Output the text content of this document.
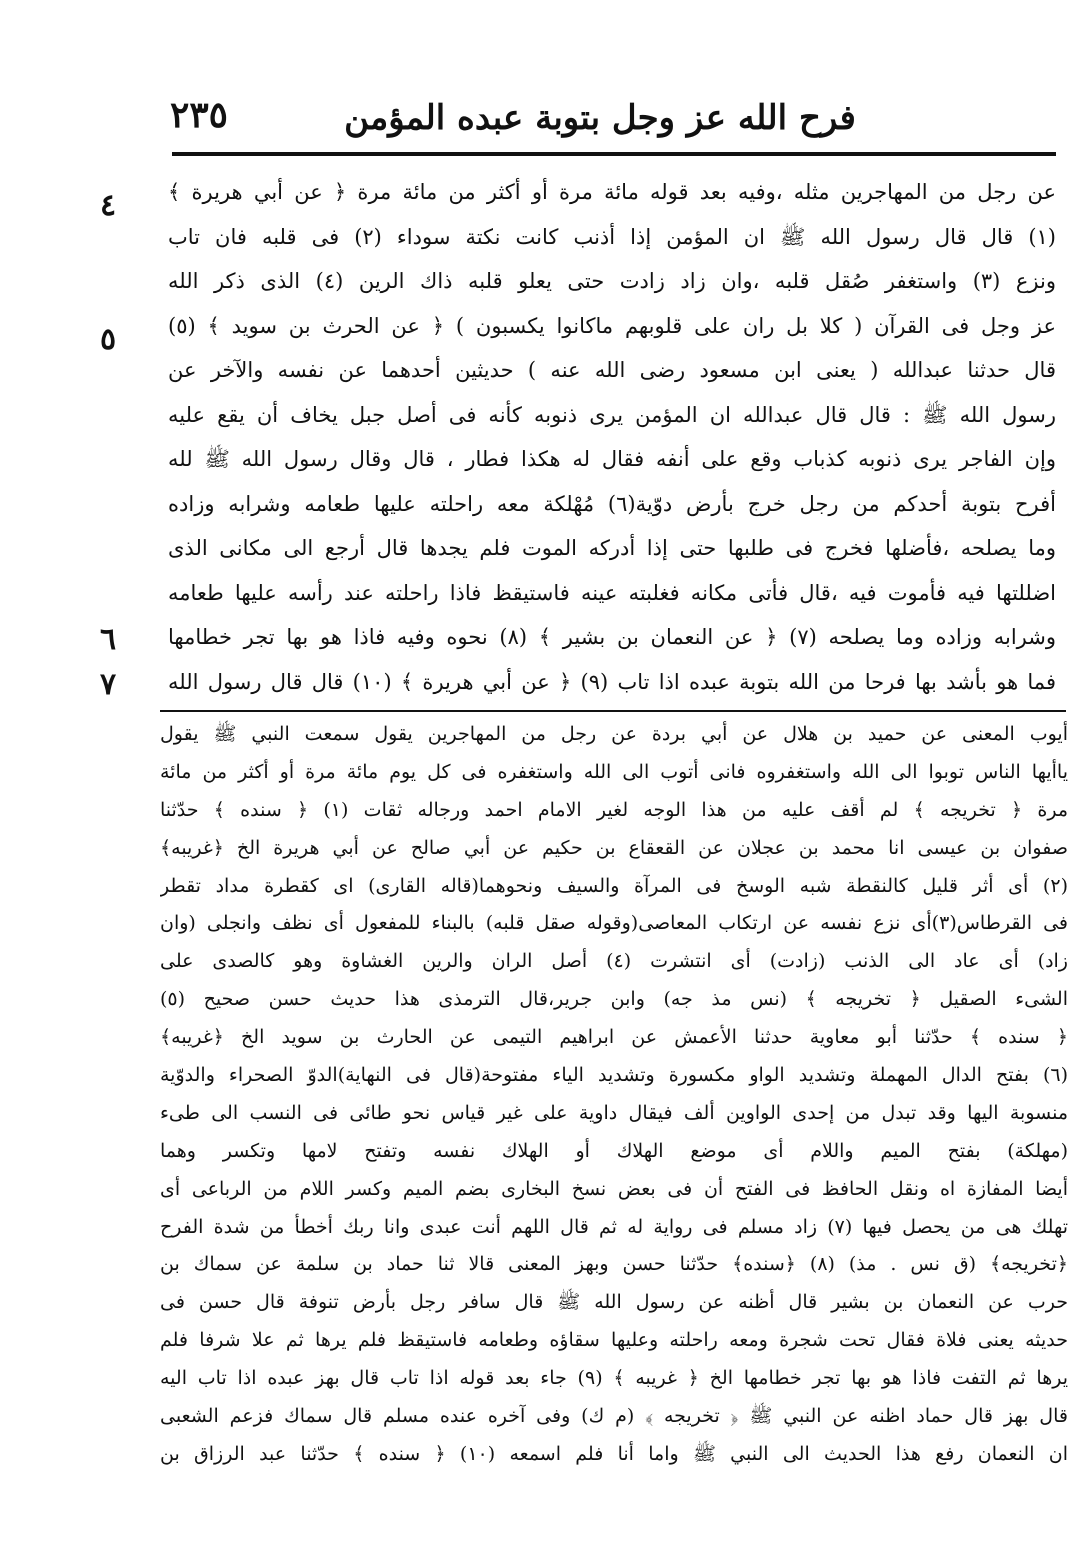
فرح الله عز وجل بتوبة عبده المؤمن
٢٣٥
٤
٥
٦
٧
عن رجل من المهاجرين مثله ،وفيه بعد قوله مائة مرة أو أكثر من مائة مرة ﴿ عن أبي هريرة ﴾
(١) قال قال رسول الله ﷺ ان المؤمن إذا أذنب كانت نكتة سوداء (٢) فى قلبه فان تاب
ونزع (٣) واستغفر صُقل قلبه ،وان زاد زادت حتى يعلو قلبه ذاك الرين (٤) الذى ذكر الله
عز وجل فى القرآن ( كلا بل ران على قلوبهم ماكانوا يكسبون ) ﴿ عن الحرث بن سويد ﴾ (٥)
قال حدثنا عبدالله ( يعنى ابن مسعود رضى الله عنه ) حديثين أحدهما عن نفسه والآخر عن
رسول الله ﷺ : قال قال عبدالله ان المؤمن يرى ذنوبه كأنه فى أصل جبل يخاف أن يقع عليه
وإن الفاجر يرى ذنوبه كذباب وقع على أنفه فقال له هكذا فطار ، قال وقال رسول الله ﷺ لله
أفرح بتوبة أحدكم من رجل خرج بأرض دوّية(٦) مُهْلكة معه راحلته عليها طعامه وشرابه وزاده
وما يصلحه ،فأضلها فخرج فى طلبها حتى إذا أدركه الموت فلم يجدها قال أرجع الى مكانى الذى
اضللتها فيه فأموت فيه ،قال فأتى مكانه فغلبته عينه فاستيقظ فاذا راحلته عند رأسه عليها طعامه
وشرابه وزاده وما يصلحه (٧) ﴿ عن النعمان بن بشير ﴾ (٨) نحوه وفيه فاذا هو بها تجر خطامها
فما هو بأشد بها فرحا من الله بتوبة عبده اذا تاب (٩) ﴿ عن أبي هريرة ﴾ (١٠) قال قال رسول الله
أيوب المعنى عن حميد بن هلال عن أبي بردة عن رجل من المهاجرين يقول سمعت النبي ﷺ يقول
ياأيها الناس توبوا الى الله واستغفروه فانى أتوب الى الله واستغفره فى كل يوم مائة مرة أو أكثر من مائة
مرة ﴿ تخريجه ﴾ لم أقف عليه من هذا الوجه لغير الامام احمد ورجاله ثقات (١) ﴿ سنده ﴾ حدّثنا
صفوان بن عيسى انا محمد بن عجلان عن القعقاع بن حكيم عن أبي صالح عن أبي هريرة الخ ﴿غريبه﴾
(٢) أى أثر قليل كالنقطة شبه الوسخ فى المرآة والسيف ونحوهما(قاله القارى) اى كقطرة مداد تقطر
فى القرطاس(٣)أى نزع نفسه عن ارتكاب المعاصى(وقوله صقل قلبه) بالبناء للمفعول أى نظف وانجلى (وان
زاد) أى عاد الى الذنب (زادت) أى انتشرت (٤) أصل الران والرين الغشاوة وهو كالصدى على
الشىء الصقيل ﴿ تخريجه ﴾ (نس مذ جه) وابن جرير،قال الترمذى هذا حديث حسن صحيح (٥)
﴿ سنده ﴾ حدّثنا أبو معاوية حدثنا الأعمش عن ابراهيم التيمى عن الحارث بن سويد الخ ﴿غريبه﴾
(٦) بفتح الدال المهملة وتشديد الواو مكسورة وتشديد الياء مفتوحة(قال فى النهاية)الدوّ الصحراء والدوّية
منسوبة اليها وقد تبدل من إحدى الواوين ألف فيقال داوية على غير قياس نحو طائى فى النسب الى طىء
(مهلكة) بفتح الميم واللام أى موضع الهلاك أو الهلاك نفسه وتفتح لامها وتكسر وهما
أيضا المفازة اه ونقل الحافظ فى الفتح أن فى بعض نسخ البخارى بضم الميم وكسر اللام من الرباعى أى
تهلك هى من يحصل فيها (٧) زاد مسلم فى رواية له ثم قال اللهم أنت عبدى وانا ربك أخطأ من شدة الفرح
﴿تخريجه﴾ (ق نس . مذ) (٨) ﴿سنده﴾ حدّثنا حسن وبهز المعنى قالا ثنا حماد بن سلمة عن سماك بن
حرب عن النعمان بن بشير قال أظنه عن رسول الله ﷺ قال سافر رجل بأرض تنوفة قال حسن فى
حديثه يعنى فلاة فقال تحت شجرة ومعه راحلته وعليها سقاؤه وطعامه فاستيقظ فلم يرها ثم علا شرفا فلم
يرها ثم التفت فاذا هو بها تجر خطامها الخ ﴿ غريبه ﴾ (٩) جاء بعد قوله اذا تاب قال بهز عبده اذا تاب اليه
قال بهز قال حماد اظنه عن النبي ﷺ ﴿ تخريجه ﴾ (م ك) وفى آخره عنده مسلم قال سماك فزعم الشعبى
ان النعمان رفع هذا الحديث الى النبي ﷺ واما أنا فلم اسمعه (١٠) ﴿ سنده ﴾ حدّثنا عبد الرزاق بن
